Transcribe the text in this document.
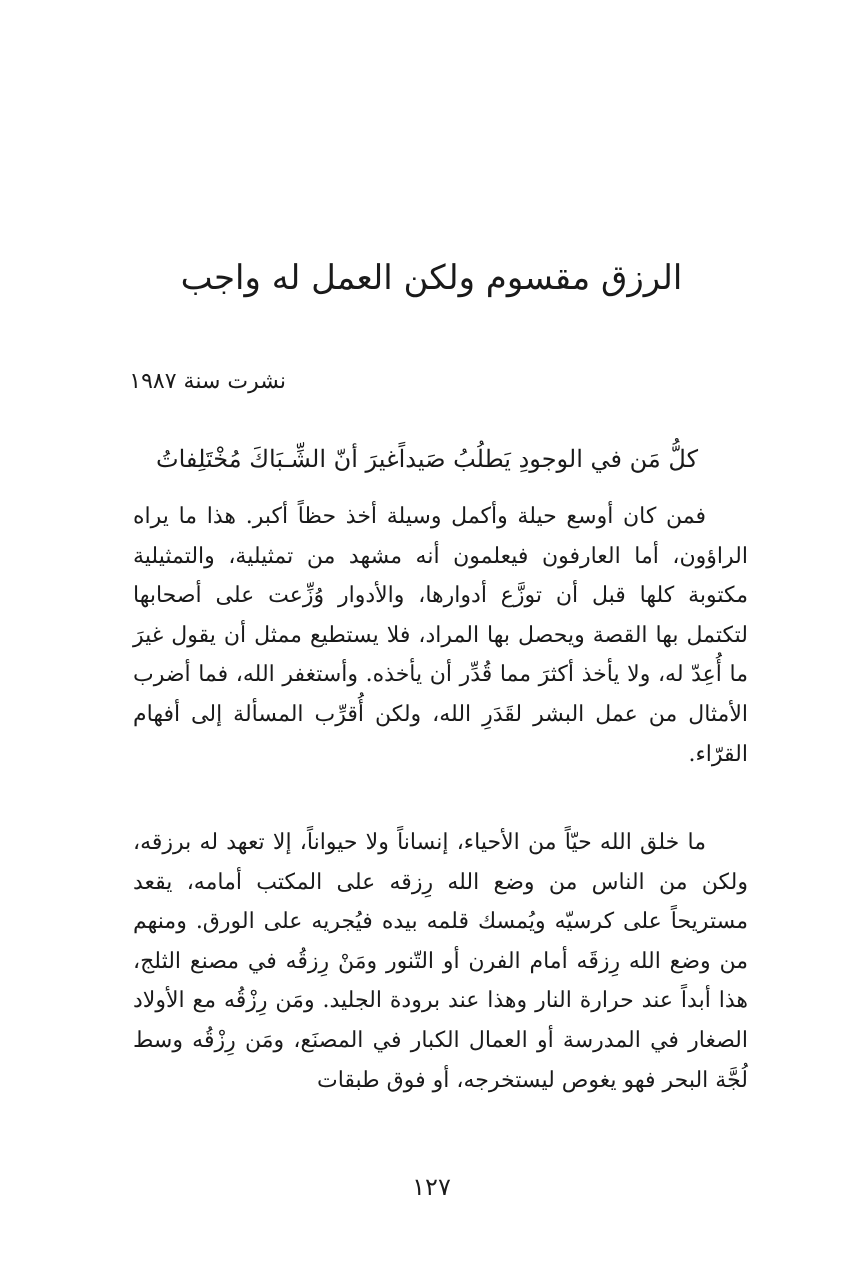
الرزق مقسوم ولكن العمل له واجب
نشرت سنة ١٩٨٧
كلُّ مَن في الوجودِ يَطلُبُ صَيداً
غيرَ أنّ الشِّـبَاكَ مُخْتَلِفاتُ

فمن كان أوسع حيلة وأكمل وسيلة أخذ حظاً أكبر. هذا ما يراه الراؤون، أما العارفون فيعلمون أنه مشهد من تمثيلية، والتمثيلية مكتوبة كلها قبل أن توزَّع أدوارها، والأدوار وُزِّعت على أصحابها لتكتمل بها القصة ويحصل بها المراد، فلا يستطيع ممثل أن يقول غيرَ ما أُعِدّ له، ولا يأخذ أكثرَ مما قُدِّر أن يأخذه. وأستغفر الله، فما أضرب الأمثال من عمل البشر لقَدَرِ الله، ولكن أُقرِّب المسألة إلى أفهام القرّاء.

ما خلق الله حيّاً من الأحياء، إنساناً ولا حيواناً، إلا تعهد له برزقه، ولكن من الناس من وضع الله رِزقه على المكتب أمامه، يقعد مستريحاً على كرسيّه ويُمسك قلمه بيده فيُجريه على الورق. ومنهم من وضع الله رِزقَه أمام الفرن أو التّنور ومَنْ رِزقُه في مصنع الثلج، هذا أبداً عند حرارة النار وهذا عند برودة الجليد. ومَن رِزْقُه مع الأولاد الصغار في المدرسة أو العمال الكبار في المصنَع، ومَن رِزْقُه وسط لُجَّة البحر فهو يغوص ليستخرجه، أو فوق طبقات

١٢٧
